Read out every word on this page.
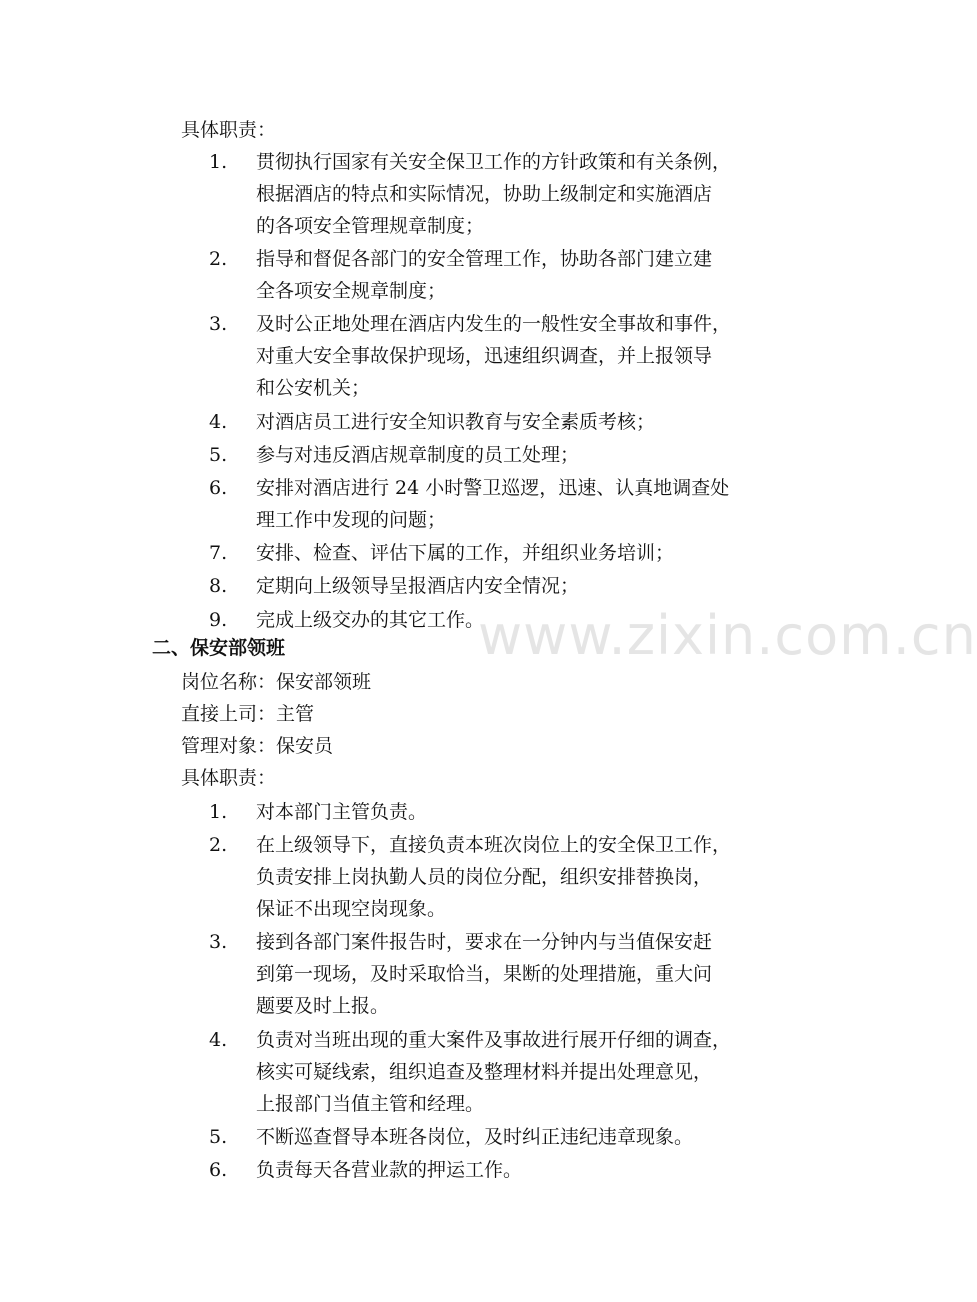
具体职责：
1. 贯彻执行国家有关安全保卫工作的方针政策和有关条例，
根据酒店的特点和实际情况，协助上级制定和实施酒店
的各项安全管理规章制度；
2. 指导和督促各部门的安全管理工作，协助各部门建立建
全各项安全规章制度；
3. 及时公正地处理在酒店内发生的一般性安全事故和事件，
对重大安全事故保护现场，迅速组织调查，并上报领导
和公安机关；
4. 对酒店员工进行安全知识教育与安全素质考核；
5. 参与对违反酒店规章制度的员工处理；
6. 安排对酒店进行 24 小时警卫巡逻，迅速、认真地调查处
理工作中发现的问题；
7. 安排、检查、评估下属的工作，并组织业务培训；
8. 定期向上级领导呈报酒店内安全情况；
9. 完成上级交办的其它工作。
二、保安部领班
岗位名称：保安部领班
直接上司：主管
管理对象：保安员
具体职责：
1. 对本部门主管负责。
2. 在上级领导下，直接负责本班次岗位上的安全保卫工作，
负责安排上岗执勤人员的岗位分配，组织安排替换岗，
保证不出现空岗现象。
3. 接到各部门案件报告时，要求在一分钟内与当值保安赶
到第一现场，及时采取恰当，果断的处理措施，重大问
题要及时上报。
4. 负责对当班出现的重大案件及事故进行展开仔细的调查，
核实可疑线索，组织追查及整理材料并提出处理意见，
上报部门当值主管和经理。
5. 不断巡查督导本班各岗位，及时纠正违纪违章现象。
6. 负责每天各营业款的押运工作。
www.zixin.com.cn
